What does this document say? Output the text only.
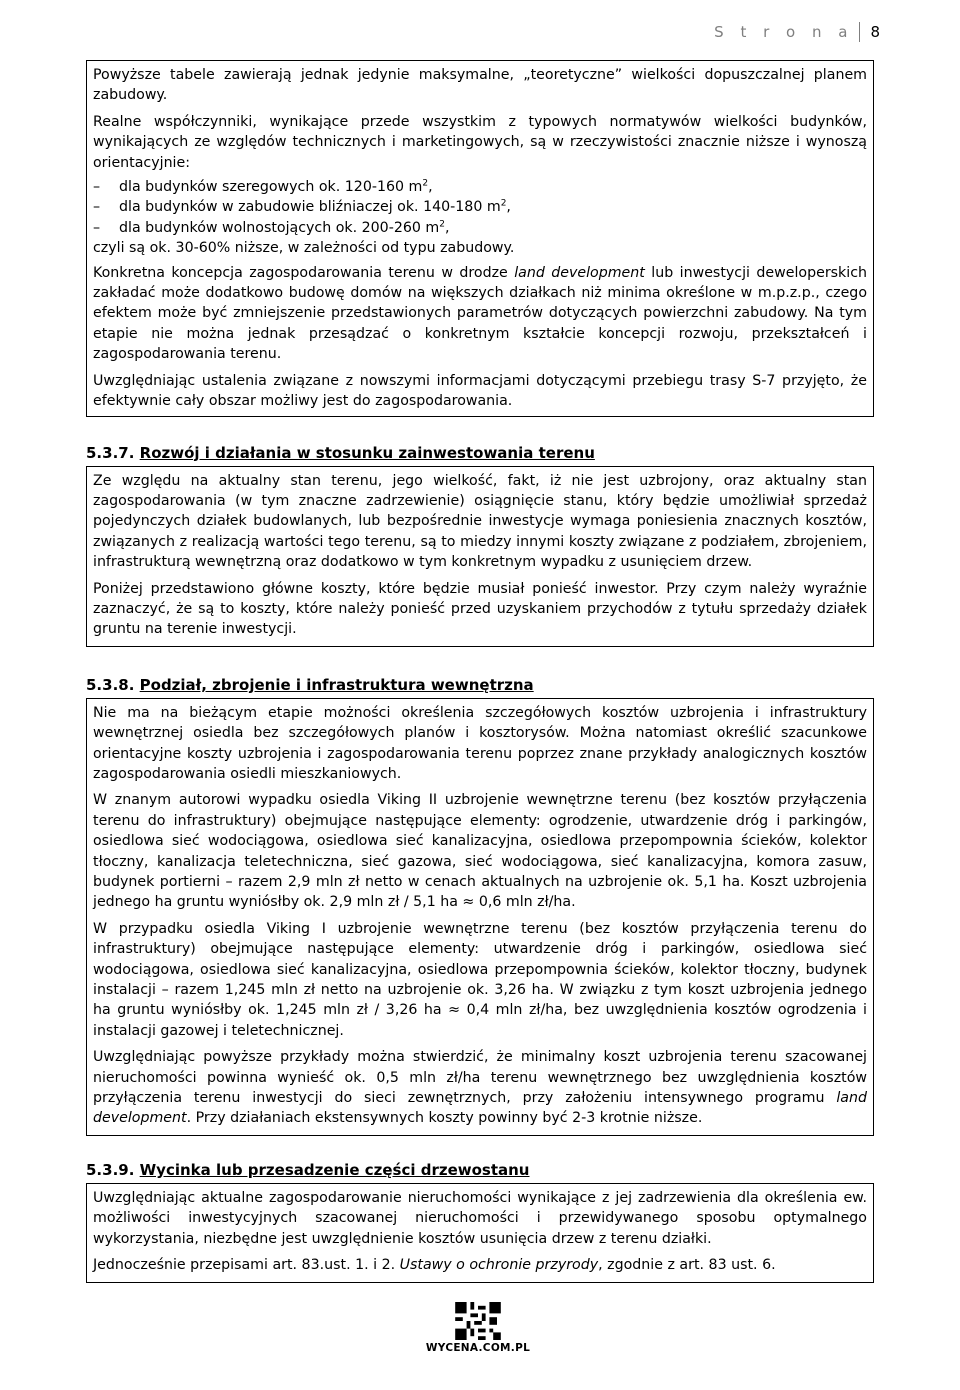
S t r o n a 8

Powyższe tabele zawierają jednak jedynie maksymalne, „teoretyczne” wielkości dopuszczalnej planem zabudowy.

Realne współczynniki, wynikające przede wszystkim z typowych normatywów wielkości budynków, wynikających ze względów technicznych i marketingowych, są w rzeczywistości znacznie niższe i wynoszą orientacyjnie:

– dla budynków szeregowych ok. 120-160 $m^2$,
– dla budynków w zabudowie bliźniaczej ok. 140-180 $m^2$,
– dla budynków wolnostojących ok. 200-260 $m^2$,

czyli są ok. 30-60% niższe, w zależności od typu zabudowy.

Konkretna koncepcja zagospodarowania terenu w drodze land development lub inwestycji deweloperskich zakładać może dodatkowo budowę domów na większych działkach niż minima określone w m.p.z.p., czego efektem może być zmniejszenie przedstawionych parametrów dotyczących powierzchni zabudowy. Na tym etapie nie można jednak przesądzać o konkretnym kształcie koncepcji rozwoju, przekształceń i zagospodarowania terenu.

Uwzględniając ustalenia związane z nowszymi informacjami dotyczącymi przebiegu trasy S-7 przyjęto, że efektywnie cały obszar możliwy jest do zagospodarowania.

5.3.7. Rozwój i działania w stosunku zainwestowania terenu

Ze względu na aktualny stan terenu, jego wielkość, fakt, iż nie jest uzbrojony, oraz aktualny stan zagospodarowania (w tym znaczne zadrzewienie) osiągnięcie stanu, który będzie umożliwiał sprzedaż pojedynczych działek budowlanych, lub bezpośrednie inwestycje wymaga poniesienia znacznych kosztów, związanych z realizacją wartości tego terenu, są to miedzy innymi koszty związane z podziałem, zbrojeniem, infrastrukturą wewnętrzną oraz dodatkowo w tym konkretnym wypadku z usunięciem drzew.

Poniżej przedstawiono główne koszty, które będzie musiał ponieść inwestor. Przy czym należy wyraźnie zaznaczyć, że są to koszty, które należy ponieść przed uzyskaniem przychodów z tytułu sprzedaży działek gruntu na terenie inwestycji.

5.3.8. Podział, zbrojenie i infrastruktura wewnętrzna

Nie ma na bieżącym etapie możności określenia szczegółowych kosztów uzbrojenia i infrastruktury wewnętrznej osiedla bez szczegółowych planów i kosztorysów. Można natomiast określić szacunkowe orientacyjne koszty uzbrojenia i zagospodarowania terenu poprzez znane przykłady analogicznych kosztów zagospodarowania osiedli mieszkaniowych.

W znanym autorowi wypadku osiedla Viking II uzbrojenie wewnętrzne terenu (bez kosztów przyłączenia terenu do infrastruktury) obejmujące następujące elementy: ogrodzenie, utwardzenie dróg i parkingów, osiedlowa sieć wodociągowa, osiedlowa sieć kanalizacyjna, osiedlowa przepompownia ścieków, kolektor tłoczny, kanalizacja teletechniczna, sieć gazowa, sieć wodociągowa, sieć kanalizacyjna, komora zasuw, budynek portierni – razem 2,9 mln zł netto w cenach aktualnych na uzbrojenie ok. 5,1 ha. Koszt uzbrojenia jednego ha gruntu wyniósłby ok. 2,9 mln zł / 5,1 ha ≈ 0,6 mln zł/ha.

W przypadku osiedla Viking I uzbrojenie wewnętrzne terenu (bez kosztów przyłączenia terenu do infrastruktury) obejmujące następujące elementy: utwardzenie dróg i parkingów, osiedlowa sieć wodociągowa, osiedlowa sieć kanalizacyjna, osiedlowa przepompownia ścieków, kolektor tłoczny, budynek instalacji – razem 1,245 mln zł netto na uzbrojenie ok. 3,26 ha. W związku z tym koszt uzbrojenia jednego ha gruntu wyniósłby ok. 1,245 mln zł / 3,26 ha ≈ 0,4 mln zł/ha, bez uwzględnienia kosztów ogrodzenia i instalacji gazowej i teletechnicznej.

Uwzględniając powyższe przykłady można stwierdzić, że minimalny koszt uzbrojenia terenu szacowanej nieruchomości powinna wynieść ok. 0,5 mln zł/ha terenu wewnętrznego bez uwzględnienia kosztów przyłączenia terenu inwestycji do sieci zewnętrznych, przy założeniu intensywnego programu land development. Przy działaniach ekstensywnych koszty powinny być 2-3 krotnie niższe.

5.3.9. Wycinka lub przesadzenie części drzewostanu

Uwzględniając aktualne zagospodarowanie nieruchomości wynikające z jej zadrzewienia dla określenia ew. możliwości inwestycyjnych szacowanej nieruchomości i przewidywanego sposobu optymalnego wykorzystania, niezbędne jest uwzględnienie kosztów usunięcia drzew z terenu działki.

Jednocześnie przepisami art. 83.ust. 1. i 2. Ustawy o ochronie przyrody, zgodnie z art. 83 ust. 6.

WYCENA.COM.PL
